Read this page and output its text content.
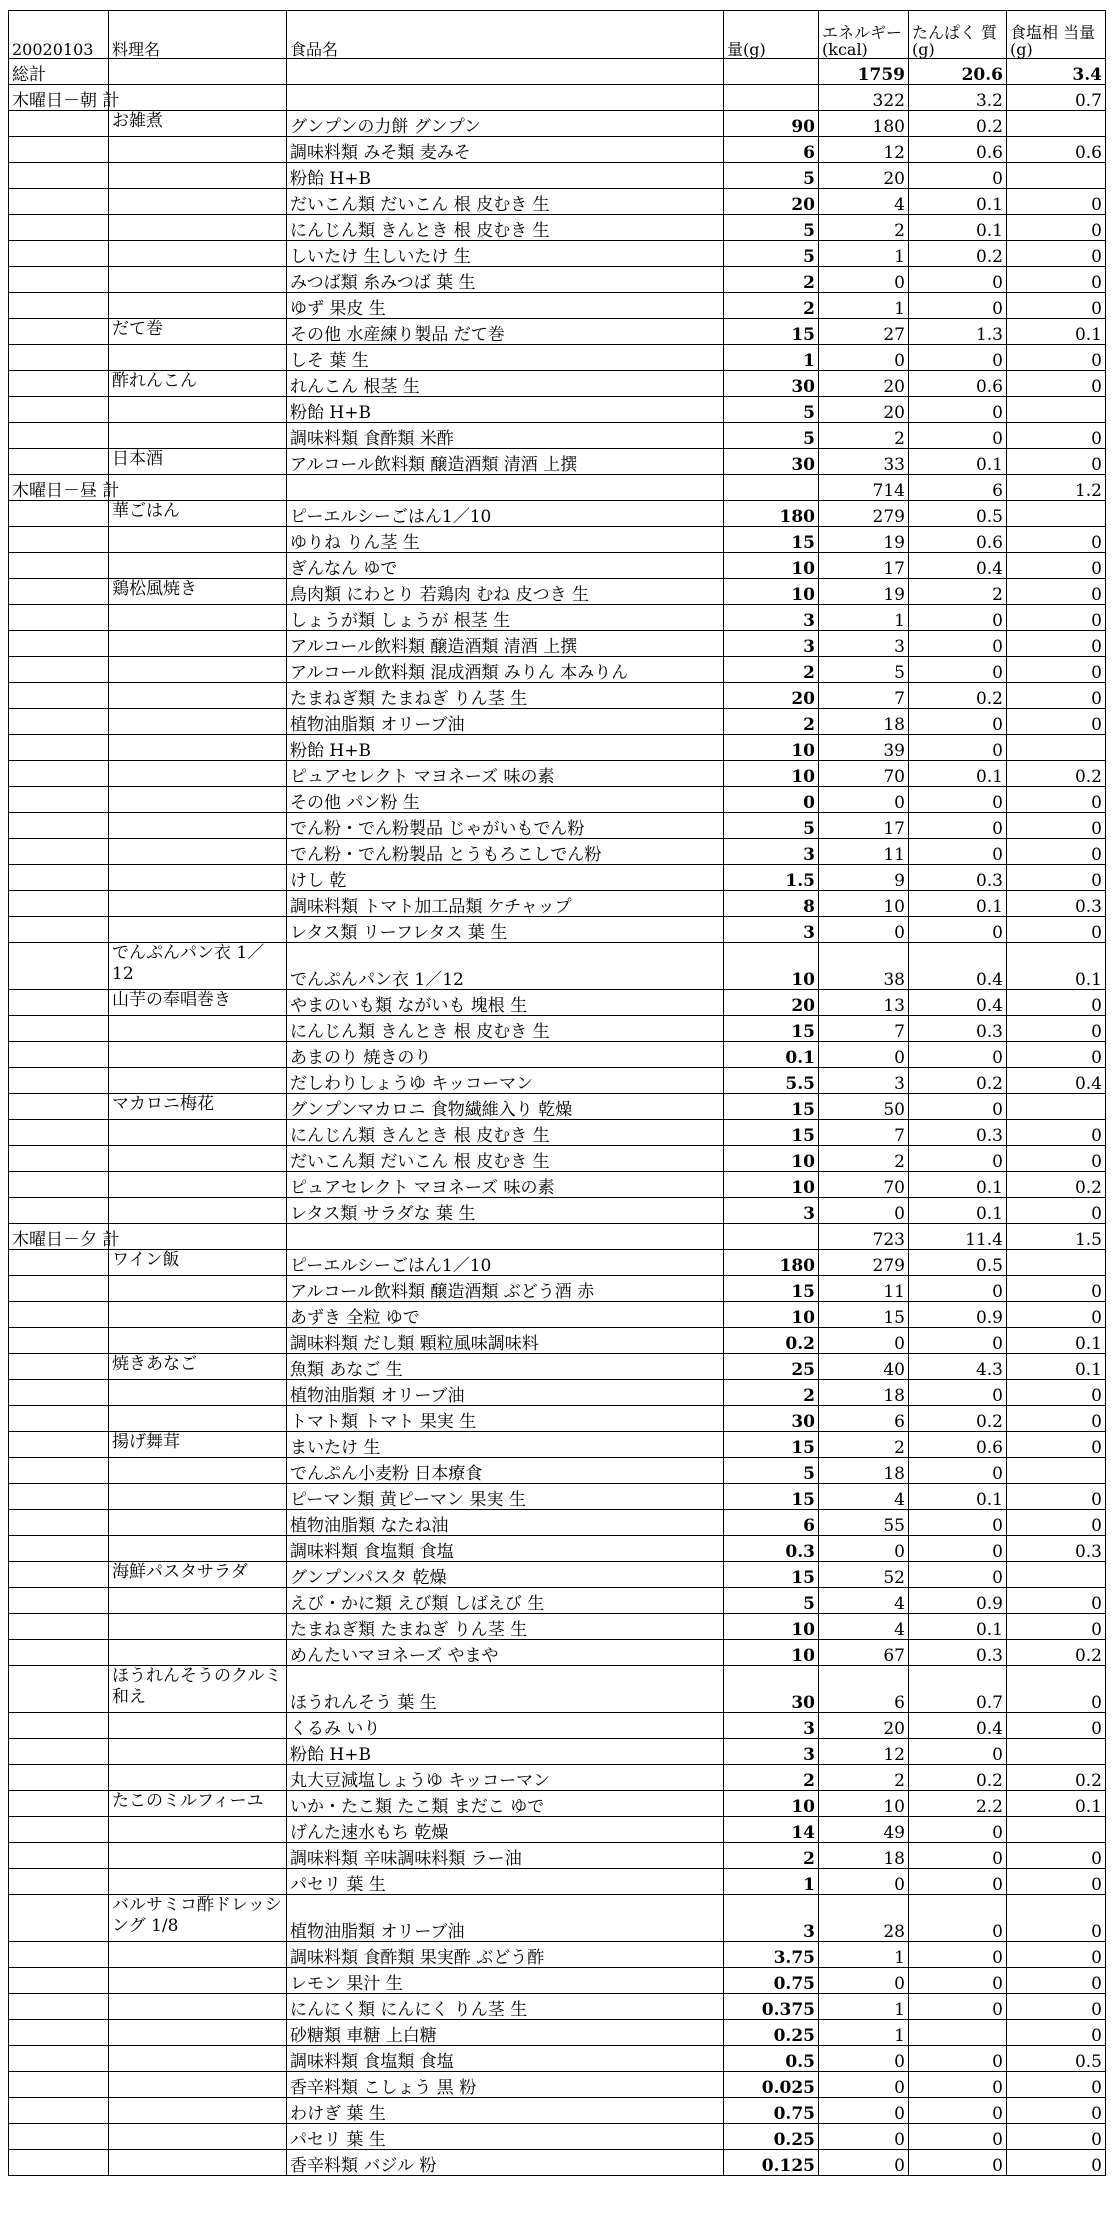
20020103	料理名	食品名	量(g)	エネルギー (kcal)	たんぱく 質(g)	食塩相 当量(g)
総計				1759	20.6	3.4
木曜日－朝 計				322	3.2	0.7
	お雑煮	グンプンの力餅 グンプン	90	180	0.2	
		調味料類 みそ類 麦みそ	6	12	0.6	0.6
		粉飴 H+B	5	20	0	
		だいこん類 だいこん 根 皮むき 生	20	4	0.1	0
		にんじん類 きんとき 根 皮むき 生	5	2	0.1	0
		しいたけ 生しいたけ 生	5	1	0.2	0
		みつば類 糸みつば 葉 生	2	0	0	0
		ゆず 果皮 生	2	1	0	0
	だて巻	その他 水産練り製品 だて巻	15	27	1.3	0.1
		しそ 葉 生	1	0	0	0
	酢れんこん	れんこん 根茎 生	30	20	0.6	0
		粉飴 H+B	5	20	0	
		調味料類 食酢類 米酢	5	2	0	0
	日本酒	アルコール飲料類 醸造酒類 清酒 上撰	30	33	0.1	0
木曜日－昼 計				714	6	1.2
	華ごはん	ピーエルシーごはん1／10	180	279	0.5	
		ゆりね りん茎 生	15	19	0.6	0
		ぎんなん ゆで	10	17	0.4	0
	鶏松風焼き	鳥肉類 にわとり 若鶏肉 むね 皮つき 生	10	19	2	0
		しょうが類 しょうが 根茎 生	3	1	0	0
		アルコール飲料類 醸造酒類 清酒 上撰	3	3	0	0
		アルコール飲料類 混成酒類 みりん 本みりん	2	5	0	0
		たまねぎ類 たまねぎ りん茎 生	20	7	0.2	0
		植物油脂類 オリーブ油	2	18	0	0
		粉飴 H+B	10	39	0	
		ピュアセレクト マヨネーズ 味の素	10	70	0.1	0.2
		その他 パン粉 生	0	0	0	0
		でん粉・でん粉製品 じゃがいもでん粉	5	17	0	0
		でん粉・でん粉製品 とうもろこしでん粉	3	11	0	0
		けし 乾	1.5	9	0.3	0
		調味料類 トマト加工品類 ケチャップ	8	10	0.1	0.3
		レタス類 リーフレタス 葉 生	3	0	0	0
	でんぷんパン衣 1／12	でんぷんパン衣 1／12	10	38	0.4	0.1
	山芋の奉唱巻き	やまのいも類 ながいも 塊根 生	20	13	0.4	0
		にんじん類 きんとき 根 皮むき 生	15	7	0.3	0
		あまのり 焼きのり	0.1	0	0	0
		だしわりしょうゆ キッコーマン	5.5	3	0.2	0.4
	マカロニ梅花	グンプンマカロニ 食物繊維入り 乾燥	15	50	0	
		にんじん類 きんとき 根 皮むき 生	15	7	0.3	0
		だいこん類 だいこん 根 皮むき 生	10	2	0	0
		ピュアセレクト マヨネーズ 味の素	10	70	0.1	0.2
		レタス類 サラダな 葉 生	3	0	0.1	0
木曜日－夕 計				723	11.4	1.5
	ワイン飯	ピーエルシーごはん1／10	180	279	0.5	
		アルコール飲料類 醸造酒類 ぶどう酒 赤	15	11	0	0
		あずき 全粒 ゆで	10	15	0.9	0
		調味料類 だし類 顆粒風味調味料	0.2	0	0	0.1
	焼きあなご	魚類 あなご 生	25	40	4.3	0.1
		植物油脂類 オリーブ油	2	18	0	0
		トマト類 トマト 果実 生	30	6	0.2	0
	揚げ舞茸	まいたけ 生	15	2	0.6	0
		でんぷん小麦粉 日本療食	5	18	0	
		ピーマン類 黄ピーマン 果実 生	15	4	0.1	0
		植物油脂類 なたね油	6	55	0	0
		調味料類 食塩類 食塩	0.3	0	0	0.3
	海鮮パスタサラダ	グンプンパスタ 乾燥	15	52	0	
		えび・かに類 えび類 しばえび 生	5	4	0.9	0
		たまねぎ類 たまねぎ りん茎 生	10	4	0.1	0
		めんたいマヨネーズ やまや	10	67	0.3	0.2
	ほうれんそうのクルミ和え	ほうれんそう 葉 生	30	6	0.7	0
		くるみ いり	3	20	0.4	0
		粉飴 H+B	3	12	0	
		丸大豆減塩しょうゆ キッコーマン	2	2	0.2	0.2
	たこのミルフィーユ	いか・たこ類 たこ類 まだこ ゆで	10	10	2.2	0.1
		げんた速水もち 乾燥	14	49	0	
		調味料類 辛味調味料類 ラー油	2	18	0	0
		パセリ 葉 生	1	0	0	0
	バルサミコ酢ドレッシング 1/8	植物油脂類 オリーブ油	3	28	0	0
		調味料類 食酢類 果実酢 ぶどう酢	3.75	1	0	0
		レモン 果汁 生	0.75	0	0	0
		にんにく類 にんにく りん茎 生	0.375	1	0	0
		砂糖類 車糖 上白糖	0.25	1		0
		調味料類 食塩類 食塩	0.5	0	0	0.5
		香辛料類 こしょう 黒 粉	0.025	0	0	0
		わけぎ 葉 生	0.75	0	0	0
		パセリ 葉 生	0.25	0	0	0
		香辛料類 バジル 粉	0.125	0	0	0
